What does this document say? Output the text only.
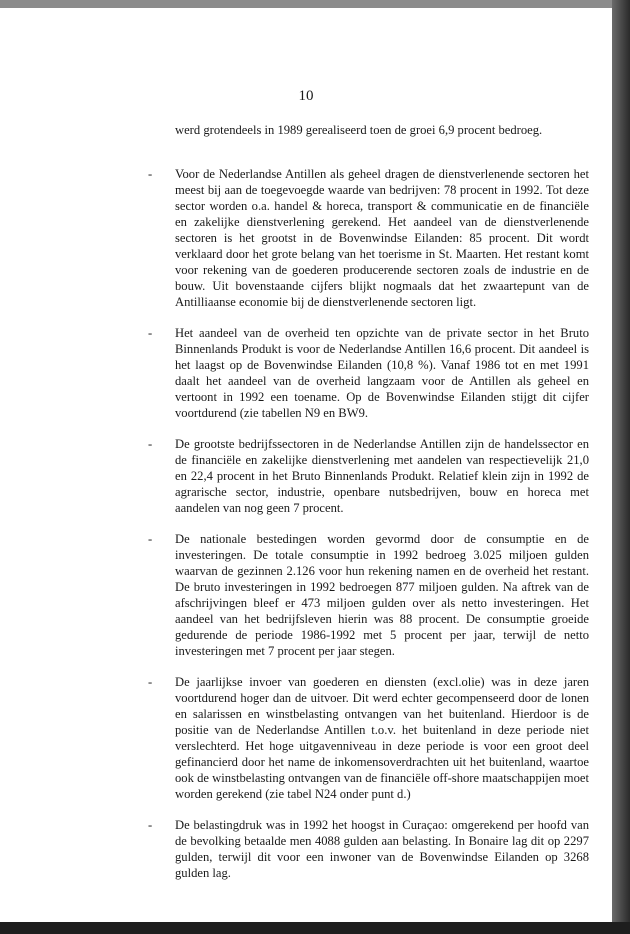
10

werd grotendeels in 1989 gerealiseerd toen de groei 6,9 procent bedroeg.

-	Voor de Nederlandse Antillen als geheel dragen de dienstverlenende sectoren het meest bij aan de toegevoegde waarde van bedrijven: 78 procent in 1992. Tot deze sector worden o.a. handel & horeca, transport & communicatie en de financiële en zakelijke dienstverlening gerekend. Het aandeel van de dienstverlenende sectoren is het grootst in de Bovenwindse Eilanden: 85 procent. Dit wordt verklaard door het grote belang van het toerisme in St. Maarten. Het restant komt voor rekening van de goederen producerende sectoren zoals de industrie en de bouw. Uit bovenstaande cijfers blijkt nogmaals dat het zwaartepunt van de Antilliaanse economie bij de dienstverlenende sectoren ligt.

-	Het aandeel van de overheid ten opzichte van de private sector in het Bruto Binnenlands Produkt is voor de Nederlandse Antillen 16,6 procent. Dit aandeel is het laagst op de Bovenwindse Eilanden (10,8 %). Vanaf 1986 tot en met 1991 daalt het aandeel van de overheid langzaam voor de Antillen als geheel en vertoont in 1992 een toename. Op de Bovenwindse Eilanden stijgt dit cijfer voortdurend (zie tabellen N9 en BW9.

-	De grootste bedrijfssectoren in de Nederlandse Antillen zijn de handelssector en de financiële en zakelijke dienstverlening met aandelen van respectievelijk 21,0 en 22,4 procent in het Bruto Binnenlands Produkt. Relatief klein zijn in 1992 de agrarische sector, industrie, openbare nutsbedrijven, bouw en horeca met aandelen van nog geen 7 procent.

-	De nationale bestedingen worden gevormd door de consumptie en de investeringen. De totale consumptie in 1992 bedroeg 3.025 miljoen gulden waarvan de gezinnen 2.126 voor hun rekening namen en de overheid het restant. De bruto investeringen in 1992 bedroegen 877 miljoen gulden. Na aftrek van de afschrijvingen bleef er 473 miljoen gulden over als netto investeringen. Het aandeel van het bedrijfsleven hierin was 88 procent. De consumptie groeide gedurende de periode 1986-1992 met 5 procent per jaar, terwijl de netto investeringen met 7 procent per jaar stegen.

-	De jaarlijkse invoer van goederen en diensten (excl.olie) was in deze jaren voortdurend hoger dan de uitvoer. Dit werd echter gecompenseerd door de lonen en salarissen en winstbelasting ontvangen van het buitenland. Hierdoor is de positie van de Nederlandse Antillen t.o.v. het buitenland in deze periode niet verslechterd. Het hoge uitgavenniveau in deze periode is voor een groot deel gefinancierd door het name de inkomensoverdrachten uit het buitenland, waartoe ook de winstbelasting ontvangen van de financiële off-shore maatschappijen moet worden gerekend (zie tabel N24 onder punt d.)

-	De belastingdruk was in 1992 het hoogst in Curaçao: omgerekend per hoofd van de bevolking betaalde men 4088 gulden aan belasting. In Bonaire lag dit op 2297 gulden, terwijl dit voor een inwoner van de Bovenwindse Eilanden op 3268 gulden lag.
